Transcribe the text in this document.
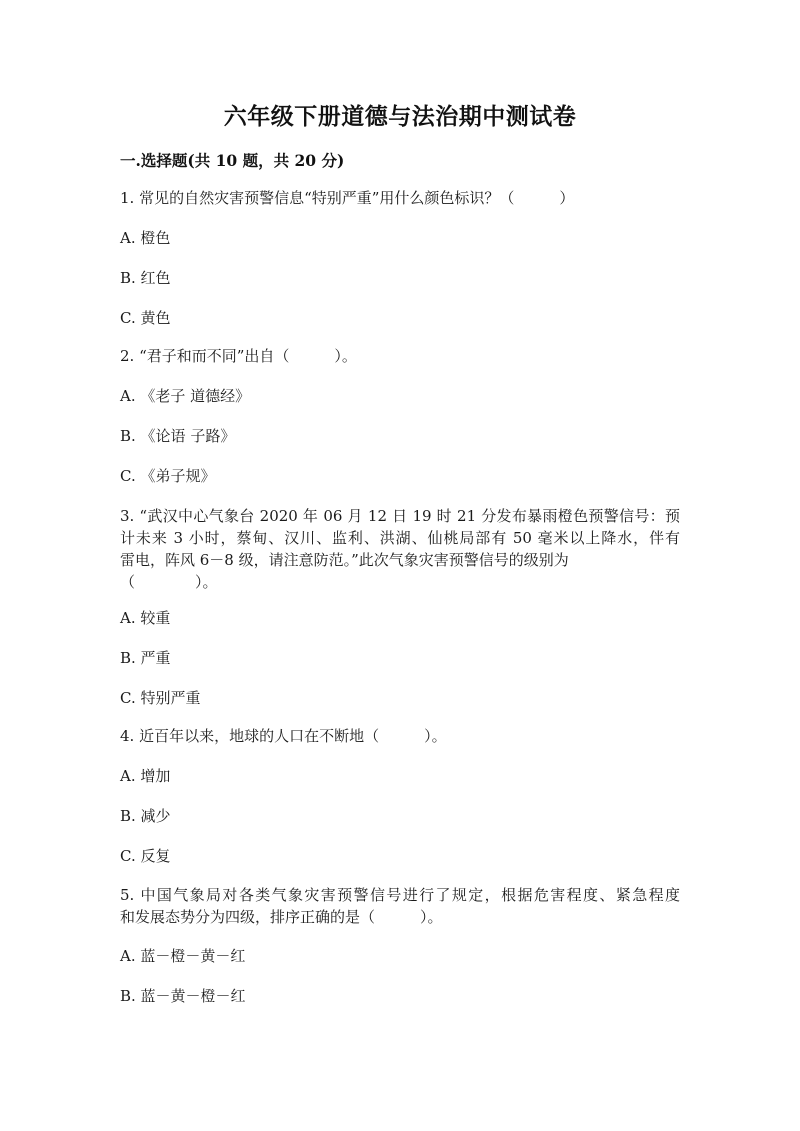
六年级下册道德与法治期中测试卷
一.选择题(共 10 题，共 20 分)
1. 常见的自然灾害预警信息“特别严重”用什么颜色标识？（　　　）
A. 橙色
B. 红色
C. 黄色
2. “君子和而不同”出自（　　　）。
A. 《老子 道德经》
B. 《论语 子路》
C. 《弟子规》
3. “武汉中心气象台 2020 年 06 月 12 日 19 时 21 分发布暴雨橙色预警信号：预
计未来 3 小时，蔡甸、汉川、监利、洪湖、仙桃局部有 50 毫米以上降水，伴有
雷电，阵风 6－8 级，请注意防范。”此次气象灾害预警信号的级别为
（　　　　）。
A. 较重
B. 严重
C. 特别严重
4. 近百年以来，地球的人口在不断地（　　　）。
A. 增加
B. 减少
C. 反复
5. 中国气象局对各类气象灾害预警信号进行了规定，根据危害程度、紧急程度
和发展态势分为四级，排序正确的是（　　　）。
A. 蓝－橙－黄－红
B. 蓝－黄－橙－红
